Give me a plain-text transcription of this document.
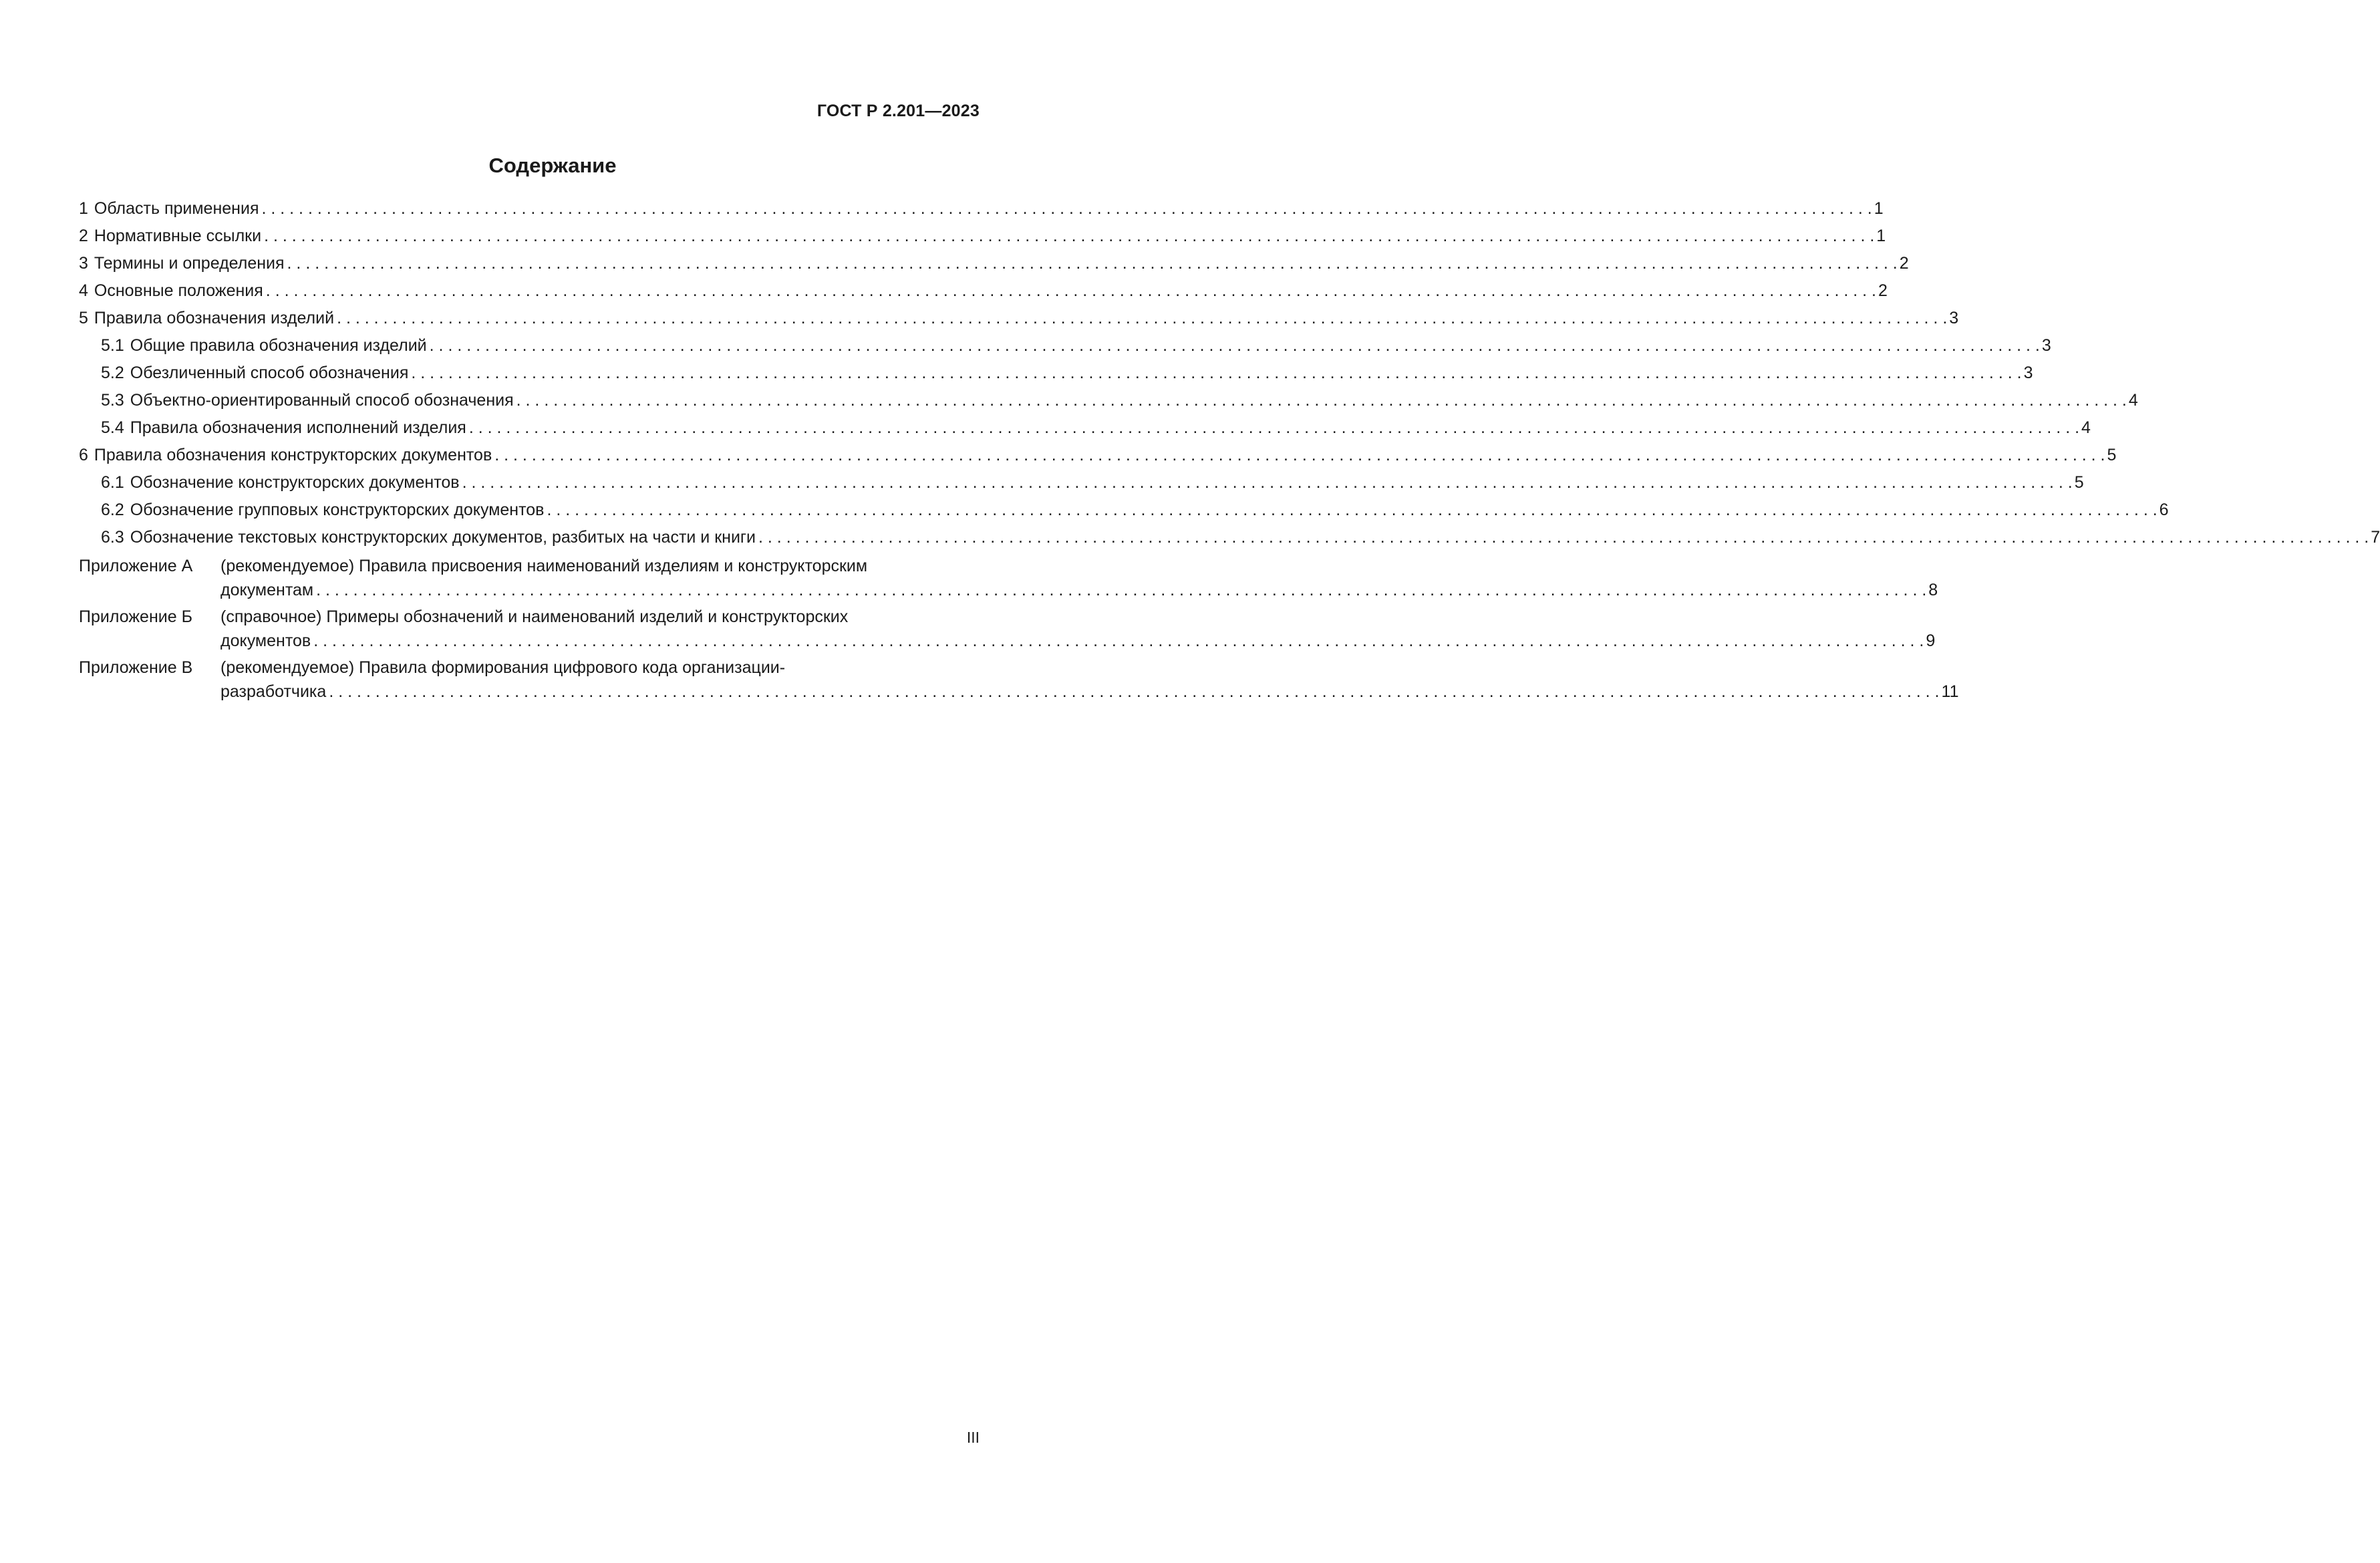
ГОСТ Р 2.201—2023
Содержание
1 Область применения . . .	1
2 Нормативные ссылки . . .	1
3 Термины и определения . . .	2
4 Основные положения . . .	2
5 Правила обозначения изделий . . .	3
5.1 Общие правила обозначения изделий . . .	3
5.2 Обезличенный способ обозначения . . .	3
5.3 Объектно-ориентированный способ обозначения . . .	4
5.4 Правила обозначения исполнений изделия . . .	4
6 Правила обозначения конструкторских документов . . .	5
6.1 Обозначение конструкторских документов . . .	5
6.2 Обозначение групповых конструкторских документов . . .	6
6.3 Обозначение текстовых конструкторских документов, разбитых на части и книги . . .	7
Приложение А	(рекомендуемое) Правила присвоения наименований изделиям и конструкторским
документам . . .	8
Приложение Б	(справочное) Примеры обозначений и наименований изделий и конструкторских
документов . . .	9
Приложение В	(рекомендуемое) Правила формирования цифрового кода организации-
разработчика . . .	11
III
